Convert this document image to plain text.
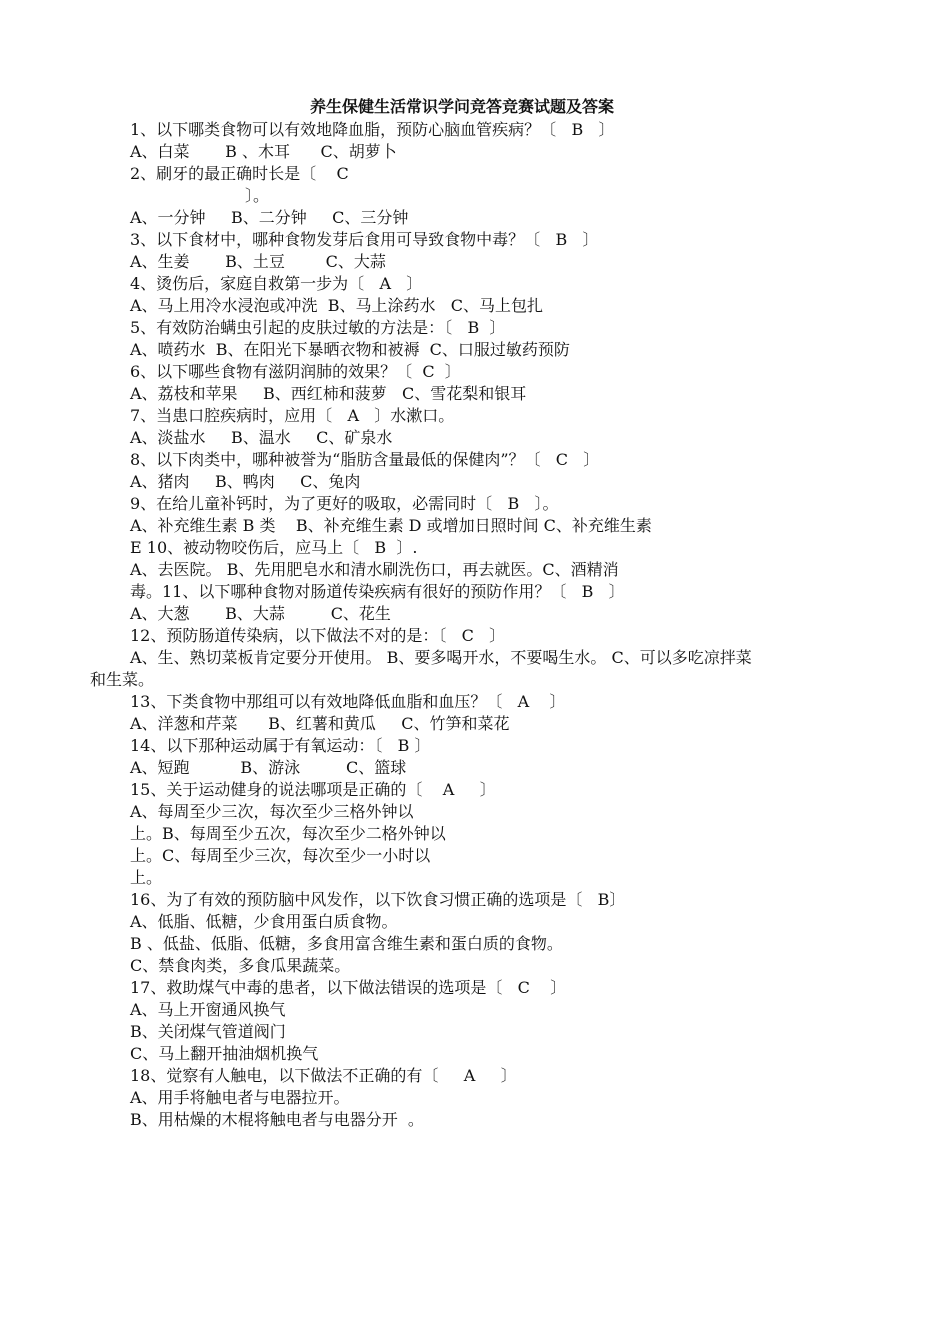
养生保健生活常识学问竞答竞赛试题及答案
1、以下哪类食物可以有效地降血脂，预防心脑血管疾病？〔   B   〕
A、白菜       B 、木耳      C、胡萝卜
2、刷牙的最正确时长是〔    C
〕。
A、一分钟     B、二分钟     C、三分钟
3、以下食材中，哪种食物发芽后食用可导致食物中毒？〔   B   〕
A、生姜       B、土豆        C、大蒜
4、烫伤后，家庭自救第一步为〔   A   〕
A、马上用冷水浸泡或冲洗  B、马上涂药水   C、马上包扎
5、有效防治螨虫引起的皮肤过敏的方法是：〔   B  〕
A、喷药水  B、在阳光下暴晒衣物和被褥  C、口服过敏药预防
6、以下哪些食物有滋阴润肺的效果？〔  C  〕
A、荔枝和苹果     B、西红柿和菠萝   C、雪花梨和银耳
7、当患口腔疾病时，应用〔   A   〕水漱口。
A、淡盐水     B、温水     C、矿泉水
8、以下肉类中，哪种被誉为“脂肪含量最低的保健肉”？〔   C   〕
A、猪肉     B、鸭肉     C、兔肉
9、在给儿童补钙时，为了更好的吸取，必需同时〔   B   〕。
A、补充维生素 B 类    B、补充维生素 D 或增加日照时间 C、补充维生素
E 10、被动物咬伤后，应马上〔   B  〕.
A、去医院。 B、先用肥皂水和清水刷洗伤口，再去就医。C、酒精消
毒。11、以下哪种食物对肠道传染疾病有很好的预防作用？〔   B   〕
A、大葱       B、大蒜         C、花生
12、预防肠道传染病，以下做法不对的是：〔   C   〕
A、生、熟切菜板肯定要分开使用。 B、要多喝开水，不要喝生水。 C、可以多吃凉拌菜
和生菜。
13、下类食物中那组可以有效地降低血脂和血压？〔   A    〕
A、洋葱和芹菜      B、红薯和黄瓜     C、竹笋和菜花
14、以下那种运动属于有氧运动：〔   B 〕
A、短跑          B、游泳         C、篮球
15、关于运动健身的说法哪项是正确的〔    A     〕
A、每周至少三次，每次至少三格外钟以
上。B、每周至少五次，每次至少二格外钟以
上。C、每周至少三次，每次至少一小时以
上。
16、为了有效的预防脑中风发作，以下饮食习惯正确的选项是〔   B〕
A、低脂、低糖，少食用蛋白质食物。
B 、低盐、低脂、低糖，多食用富含维生素和蛋白质的食物。
C、禁食肉类，多食瓜果蔬菜。
17、救助煤气中毒的患者，以下做法错误的选项是〔   C    〕
A、马上开窗通风换气
B、关闭煤气管道阀门
C、马上翻开抽油烟机换气
18、觉察有人触电，以下做法不正确的有〔     A     〕
A、用手将触电者与电器拉开。
B、用枯燥的木棍将触电者与电器分开  。
